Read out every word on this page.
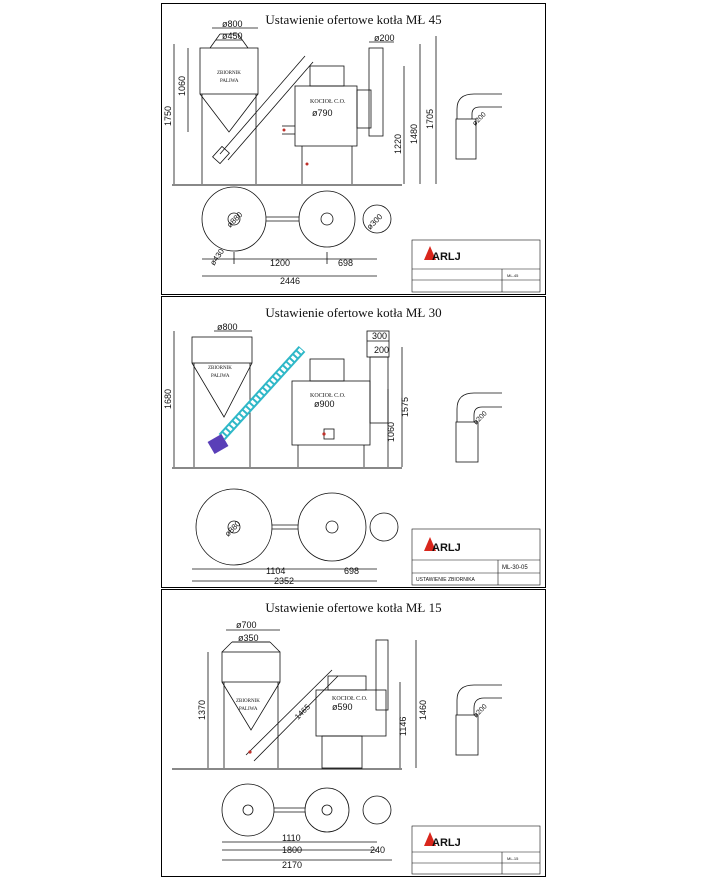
Ustawienie ofertowe kotła MŁ 45
ø800
ø450
1060
1750
ZBIORNIK
PALIWA
ø200
KOCIOŁ C.O.
ø790
1220 1480
1705	ø200
ø880
ø430
ø300
1200	698
2446
ARLJ
ML-45
Ustawienie ofertowe kotła MŁ 30
ø800
1680
ZBIORNIK
PALIWA
300
200
KOCIOŁ C.O.
ø900	1575
1060
ø200
ø880
1104	698
2352
ARLJ
ML-30-05
USTAWIENIE ZBIORNIKA
Ustawienie ofertowe kotła MŁ 15
ø700
ø350
1370	ZBIORNIK
PALIWA	1465
KOCIOŁ C.O.
ø590
1146
1460	ø200
1110
1800	240
2170
ARLJ
ML-15
